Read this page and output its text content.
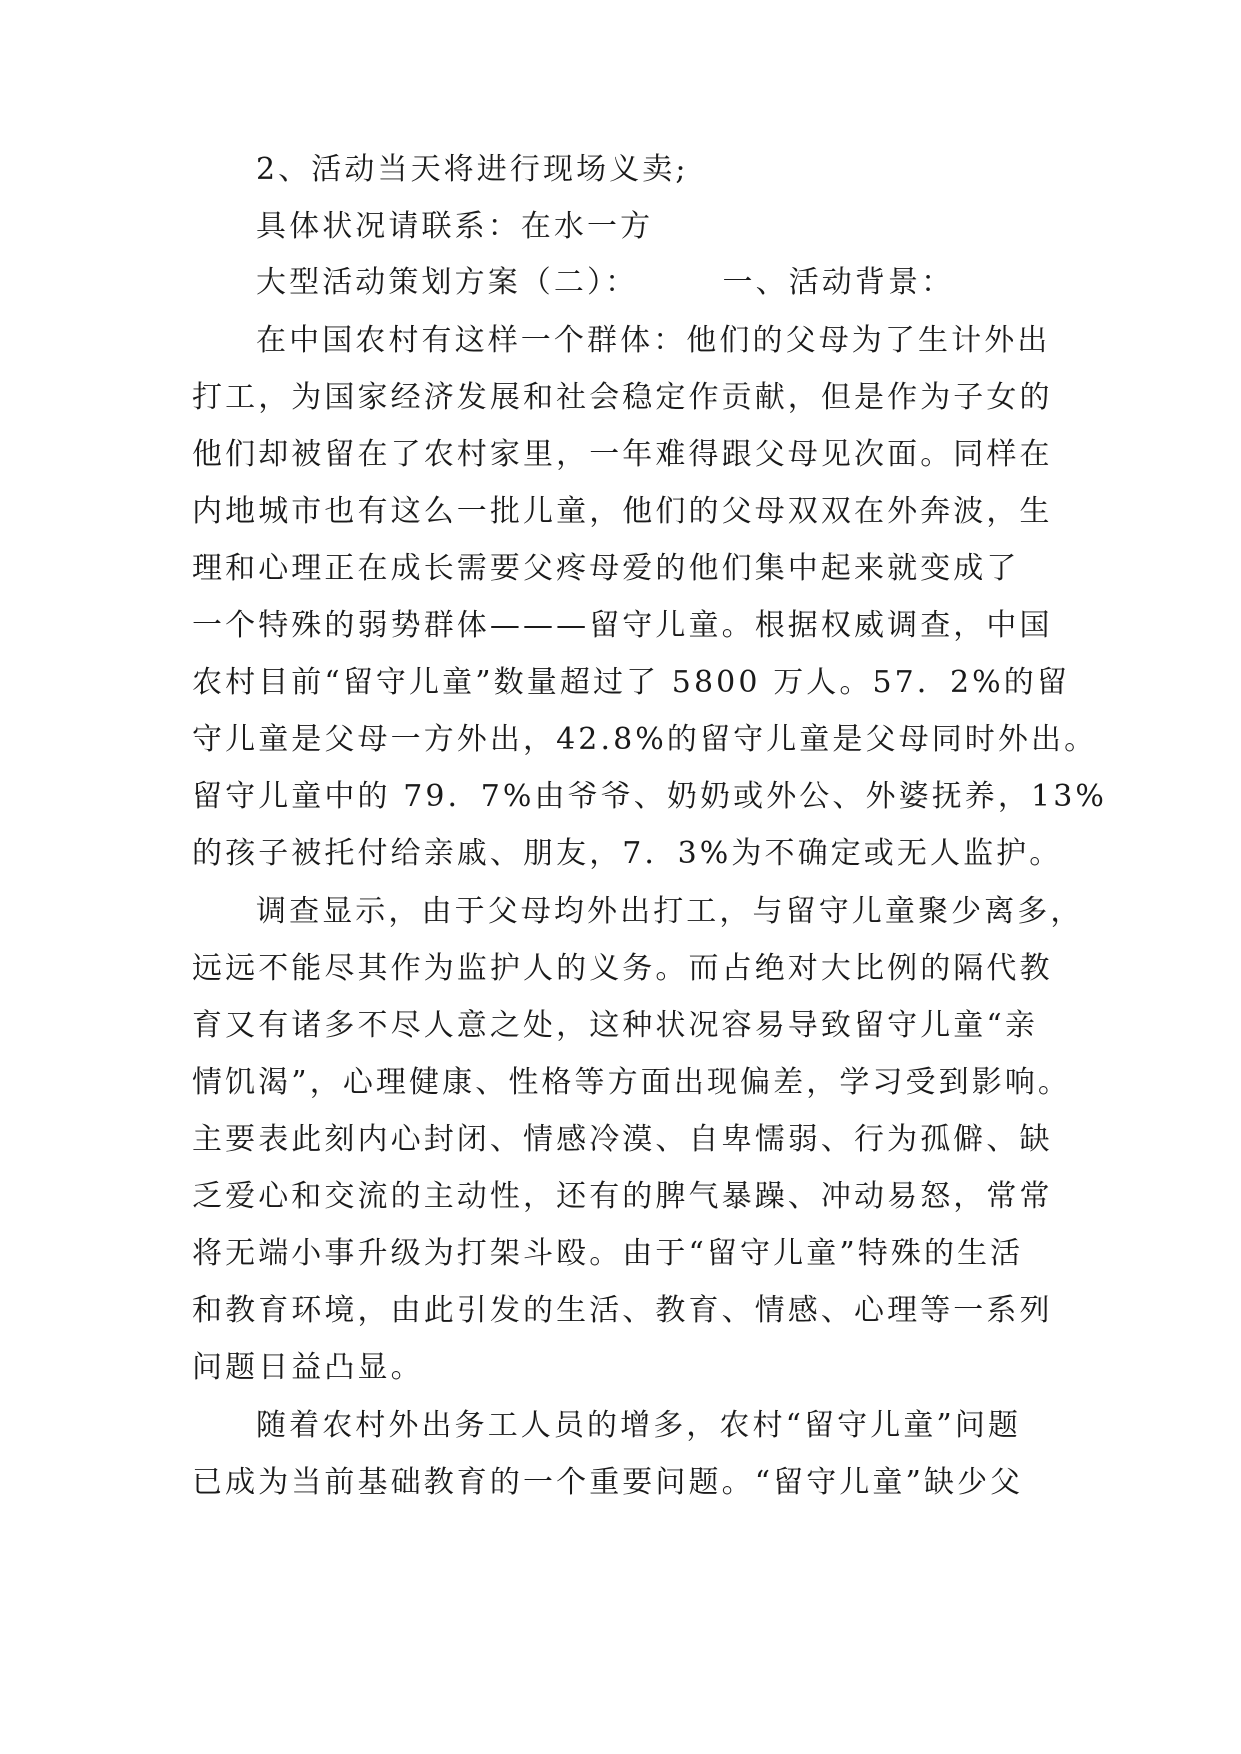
2、活动当天将进行现场义卖;
具体状况请联系：在水一方
大型活动策划方案（二）：　　　一、活动背景：
在中国农村有这样一个群体：他们的父母为了生计外出
打工，为国家经济发展和社会稳定作贡献，但是作为子女的
他们却被留在了农村家里，一年难得跟父母见次面。同样在
内地城市也有这么一批儿童，他们的父母双双在外奔波，生
理和心理正在成长需要父疼母爱的他们集中起来就变成了
一个特殊的弱势群体———留守儿童。根据权威调查，中国
农村目前“留守儿童”数量超过了 5800 万人。57．2%的留
守儿童是父母一方外出，42.8%的留守儿童是父母同时外出。
留守儿童中的 79．7%由爷爷、奶奶或外公、外婆抚养，13%
的孩子被托付给亲戚、朋友，7．3%为不确定或无人监护。
调查显示，由于父母均外出打工，与留守儿童聚少离多，
远远不能尽其作为监护人的义务。而占绝对大比例的隔代教
育又有诸多不尽人意之处，这种状况容易导致留守儿童“亲
情饥渴”，心理健康、性格等方面出现偏差，学习受到影响。
主要表此刻内心封闭、情感冷漠、自卑懦弱、行为孤僻、缺
乏爱心和交流的主动性，还有的脾气暴躁、冲动易怒，常常
将无端小事升级为打架斗殴。由于“留守儿童”特殊的生活
和教育环境，由此引发的生活、教育、情感、心理等一系列
问题日益凸显。
随着农村外出务工人员的增多，农村“留守儿童”问题
已成为当前基础教育的一个重要问题。“留守儿童”缺少父
